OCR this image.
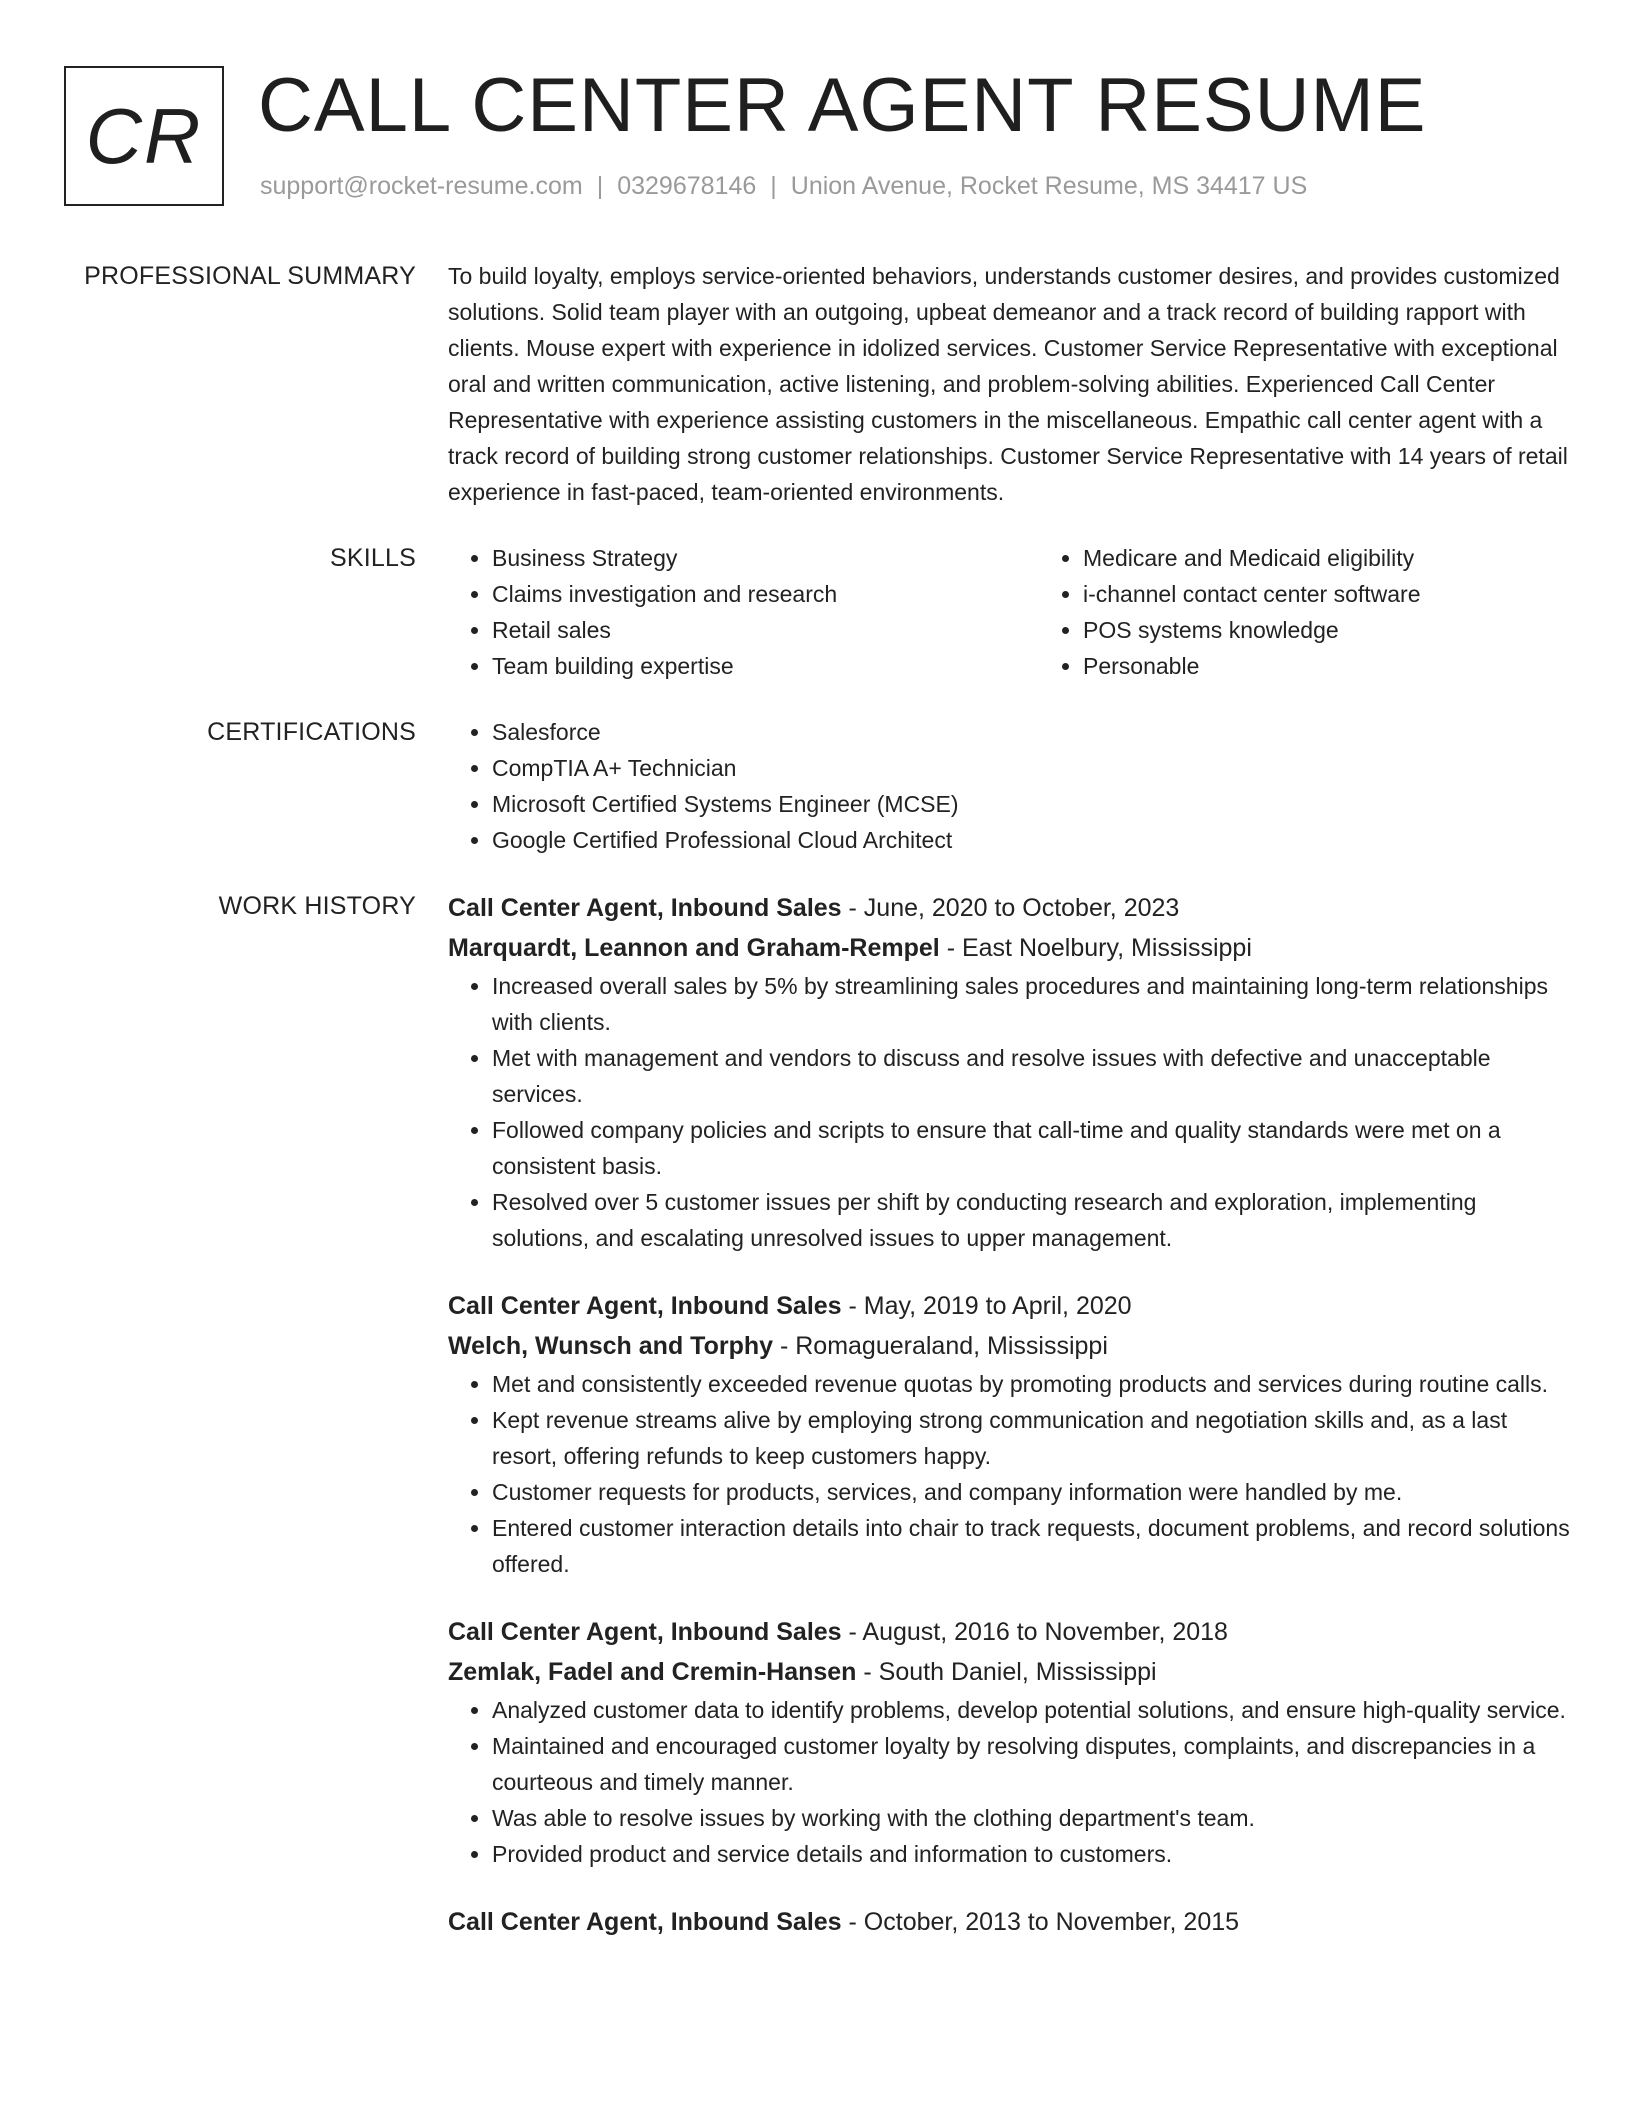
CR CALL CENTER AGENT RESUME
support@rocket-resume.com | 0329678146 | Union Avenue, Rocket Resume, MS 34417 US
PROFESSIONAL SUMMARY To build loyalty, employs service-oriented behaviors, understands customer desires, and provides customized solutions. Solid team player with an outgoing, upbeat demeanor and a track record of building rapport with clients. Mouse expert with experience in idolized services. Customer Service Representative with exceptional oral and written communication, active listening, and problem-solving abilities. Experienced Call Center Representative with experience assisting customers in the miscellaneous. Empathic call center agent with a track record of building strong customer relationships. Customer Service Representative with 14 years of retail experience in fast-paced, team-oriented environments.

SKILLS	• Business Strategy
• Claims investigation and research
• Retail sales
• Team building expertise
• Medicare and Medicaid eligibility
• i-channel contact center software
• POS systems knowledge
• Personable
CERTIFICATIONS	• Salesforce
• CompTIA A+ Technician
• Microsoft Certified Systems Engineer (MCSE)
• Google Certified Professional Cloud Architect
WORK HISTORY Call Center Agent, Inbound Sales - June, 2020 to October, 2023
Marquardt, Leannon and Graham-Rempel - East Noelbury, Mississippi
• Increased overall sales by 5% by streamlining sales procedures and maintaining long-term relationships with clients.
• Met with management and vendors to discuss and resolve issues with defective and unacceptable services.
• Followed company policies and scripts to ensure that call-time and quality standards were met on a consistent basis.
• Resolved over 5 customer issues per shift by conducting research and exploration, implementing solutions, and escalating unresolved issues to upper management.
Call Center Agent, Inbound Sales - May, 2019 to April, 2020
Welch, Wunsch and Torphy - Romagueraland, Mississippi
• Met and consistently exceeded revenue quotas by promoting products and services during routine calls.
• Kept revenue streams alive by employing strong communication and negotiation skills and, as a last resort, offering refunds to keep customers happy.
• Customer requests for products, services, and company information were handled by me.
• Entered customer interaction details into chair to track requests, document problems, and record solutions offered.
Call Center Agent, Inbound Sales - August, 2016 to November, 2018
Zemlak, Fadel and Cremin-Hansen - South Daniel, Mississippi
• Analyzed customer data to identify problems, develop potential solutions, and ensure high-quality service.
• Maintained and encouraged customer loyalty by resolving disputes, complaints, and discrepancies in a courteous and timely manner.
• Was able to resolve issues by working with the clothing department's team.
• Provided product and service details and information to customers.
Call Center Agent, Inbound Sales - October, 2013 to November, 2015
